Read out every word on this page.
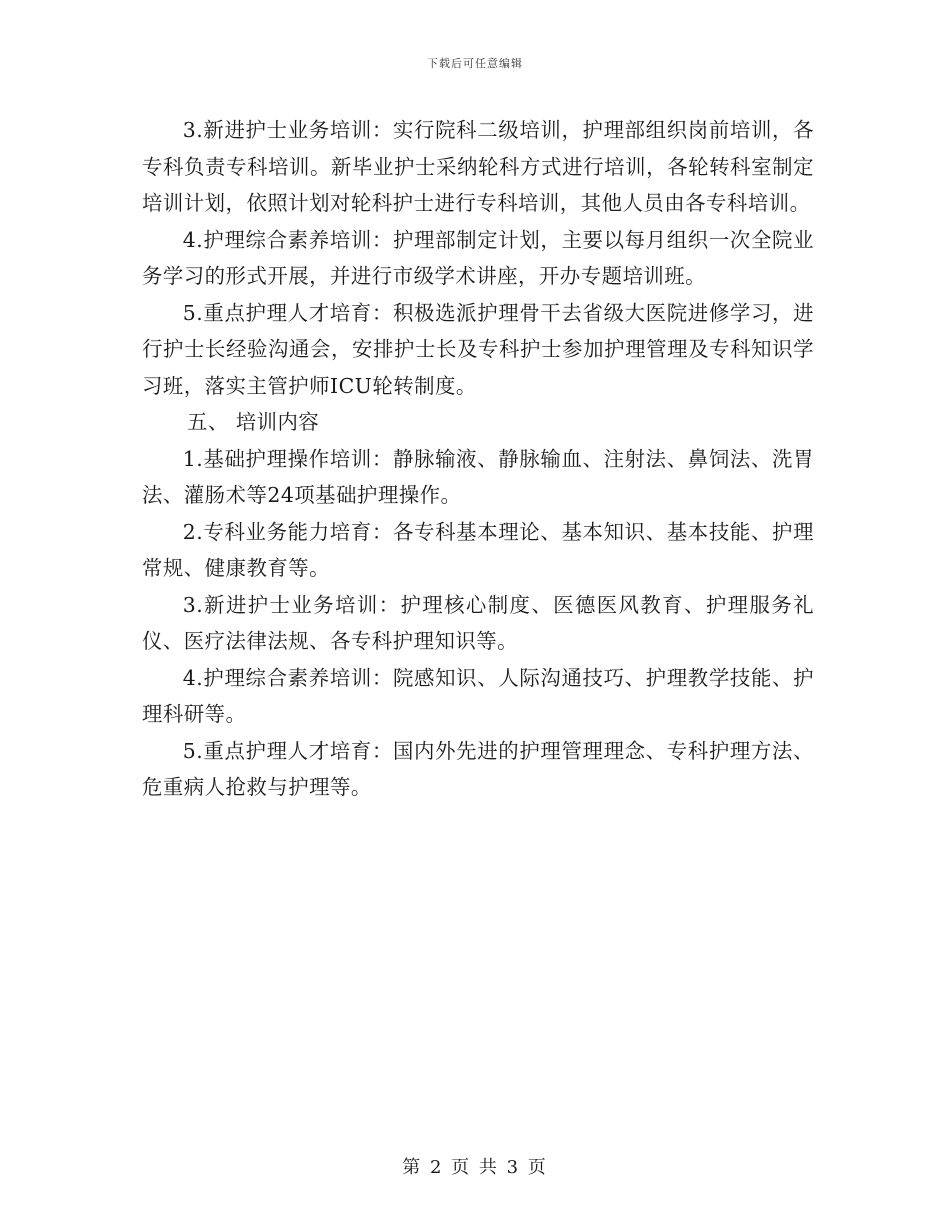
下载后可任意编辑

3.新进护士业务培训：实行院科二级培训，护理部组织岗前培训，各专科负责专科培训。新毕业护士采纳轮科方式进行培训，各轮转科室制定培训计划，依照计划对轮科护士进行专科培训，其他人员由各专科培训。

4.护理综合素养培训：护理部制定计划，主要以每月组织一次全院业务学习的形式开展，并进行市级学术讲座，开办专题培训班。

5.重点护理人才培育：积极选派护理骨干去省级大医院进修学习，进行护士长经验沟通会，安排护士长及专科护士参加护理管理及专科知识学习班，落实主管护师ICU轮转制度。

五、 培训内容

1.基础护理操作培训：静脉输液、静脉输血、注射法、鼻饲法、洗胃法、灌肠术等24项基础护理操作。

2.专科业务能力培育：各专科基本理论、基本知识、基本技能、护理常规、健康教育等。

3.新进护士业务培训：护理核心制度、医德医风教育、护理服务礼仪、医疗法律法规、各专科护理知识等。

4.护理综合素养培训：院感知识、人际沟通技巧、护理教学技能、护理科研等。

5.重点护理人才培育：国内外先进的护理管理理念、专科护理方法、危重病人抢救与护理等。

第 2 页 共 3 页
